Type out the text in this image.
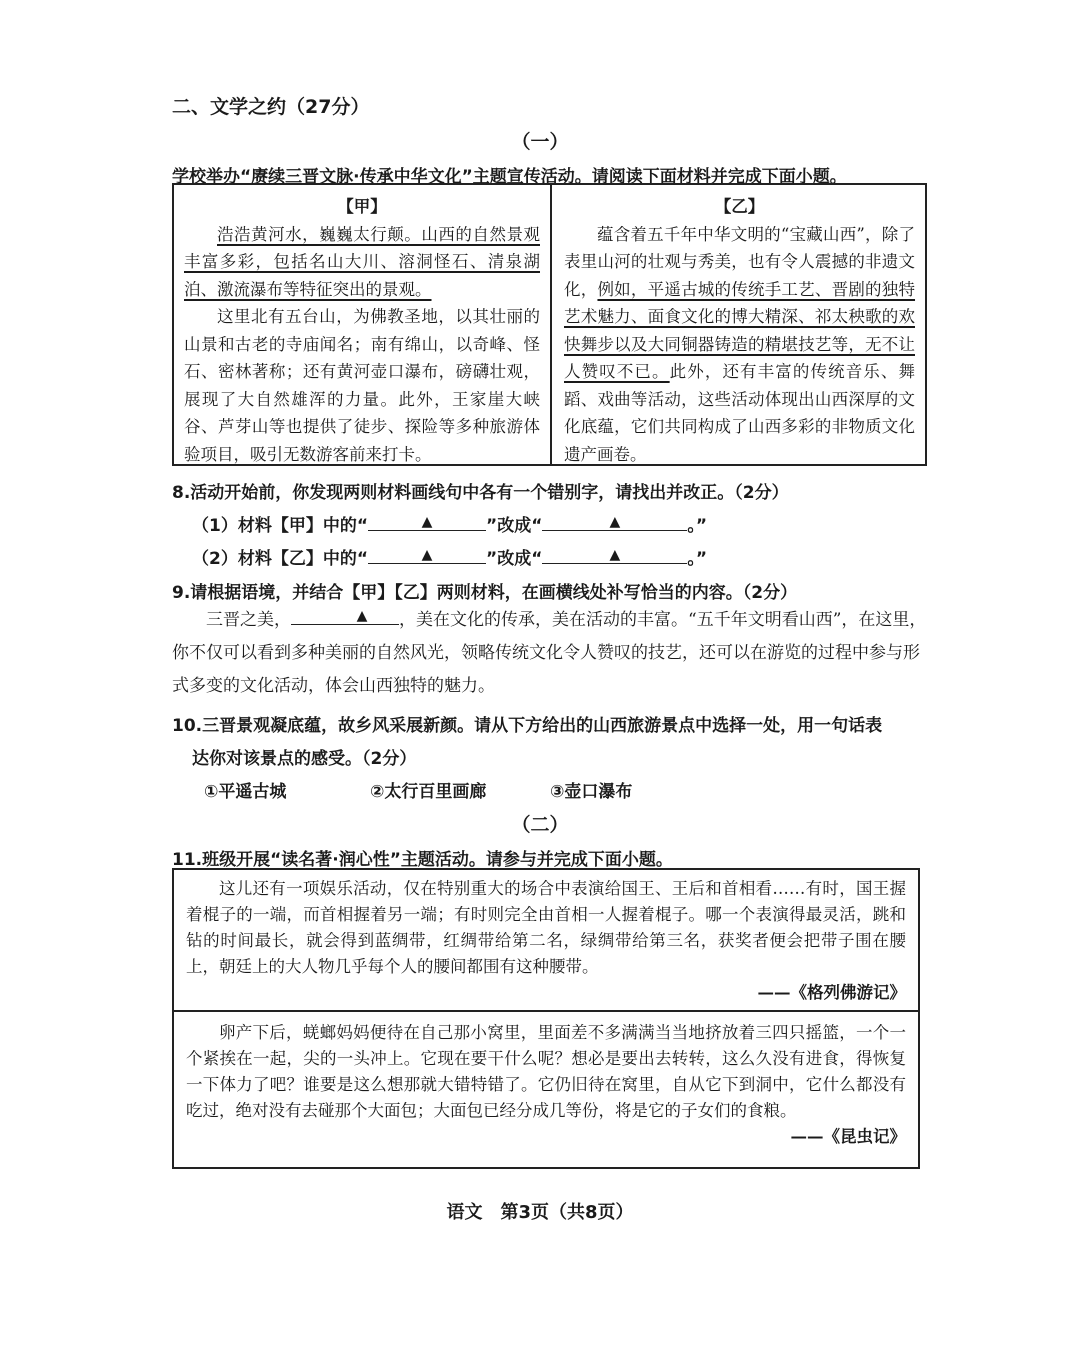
二、文学之约（27分）
（一）
学校举办“赓续三晋文脉·传承中华文化”主题宣传活动。请阅读下面材料并完成下面小题。

【甲】

浩浩黄河水，巍巍太行颠。山西的自然景观丰富多彩，包括名山大川、溶洞怪石、清泉湖泊、激流瀑布等特征突出的景观。

这里北有五台山，为佛教圣地，以其壮丽的山景和古老的寺庙闻名；南有绵山，以奇峰、怪石、密林著称；还有黄河壶口瀑布，磅礴壮观，展现了大自然雄浑的力量。此外，王家崖大峡谷、芦芽山等也提供了徒步、探险等多种旅游体验项目，吸引无数游客前来打卡。

【乙】

蕴含着五千年中华文明的“宝藏山西”，除了表里山河的壮观与秀美，也有令人震撼的非遗文化，例如，平遥古城的传统手工艺、晋剧的独特艺术魅力、面食文化的博大精深、祁太秧歌的欢快舞步以及大同铜器铸造的精堪技艺等，无不让人赞叹不已。此外，还有丰富的传统音乐、舞蹈、戏曲等活动，这些活动体现出山西深厚的文化底蕴，它们共同构成了山西多彩的非物质文化遗产画卷。

8.活动开始前，你发现两则材料画线句中各有一个错别字，请找出并改正。（2分）
（1）材料【甲】中的“	▲	”改成“	▲	。”
（2）材料【乙】中的“	▲	”改成“	▲	。”
9.请根据语境，并结合【甲】【乙】两则材料，在画横线处补写恰当的内容。（2分）

三晋之美，	▲ ，美在文化的传承，美在活动的丰富。“五千年文明看山西”，在这里，你不仅可以看到多种美丽的自然风光，领略传统文化令人赞叹的技艺，还可以在游览的过程中参与形式多变的文化活动，体会山西独特的魅力。

10.三晋景观凝底蕴，故乡风采展新颜。请从下方给出的山西旅游景点中选择一处，用一句话表
达你对该景点的感受。（2分）
①平遥古城	②太行百里画廊	③壶口瀑布
（二）
11.班级开展“读名著·润心性”主题活动。请参与并完成下面小题。

这儿还有一项娱乐活动，仅在特别重大的场合中表演给国王、王后和首相看……有时，国王握着棍子的一端，而首相握着另一端；有时则完全由首相一人握着棍子。哪一个表演得最灵活，跳和钻的时间最长，就会得到蓝绸带，红绸带给第二名，绿绸带给第三名，获奖者便会把带子围在腰上，朝廷上的大人物几乎每个人的腰间都围有这种腰带。

——《格列佛游记》

卵产下后，蜣螂妈妈便待在自己那小窝里，里面差不多满满当当地挤放着三四只摇篮，一个一个紧挨在一起，尖的一头冲上。它现在要干什么呢？想必是要出去转转，这么久没有进食，得恢复一下体力了吧？谁要是这么想那就大错特错了。它仍旧待在窝里，自从它下到洞中，它什么都没有吃过，绝对没有去碰那个大面包；大面包已经分成几等份，将是它的子女们的食粮。

——《昆虫记》
语文　第3页（共8页）
